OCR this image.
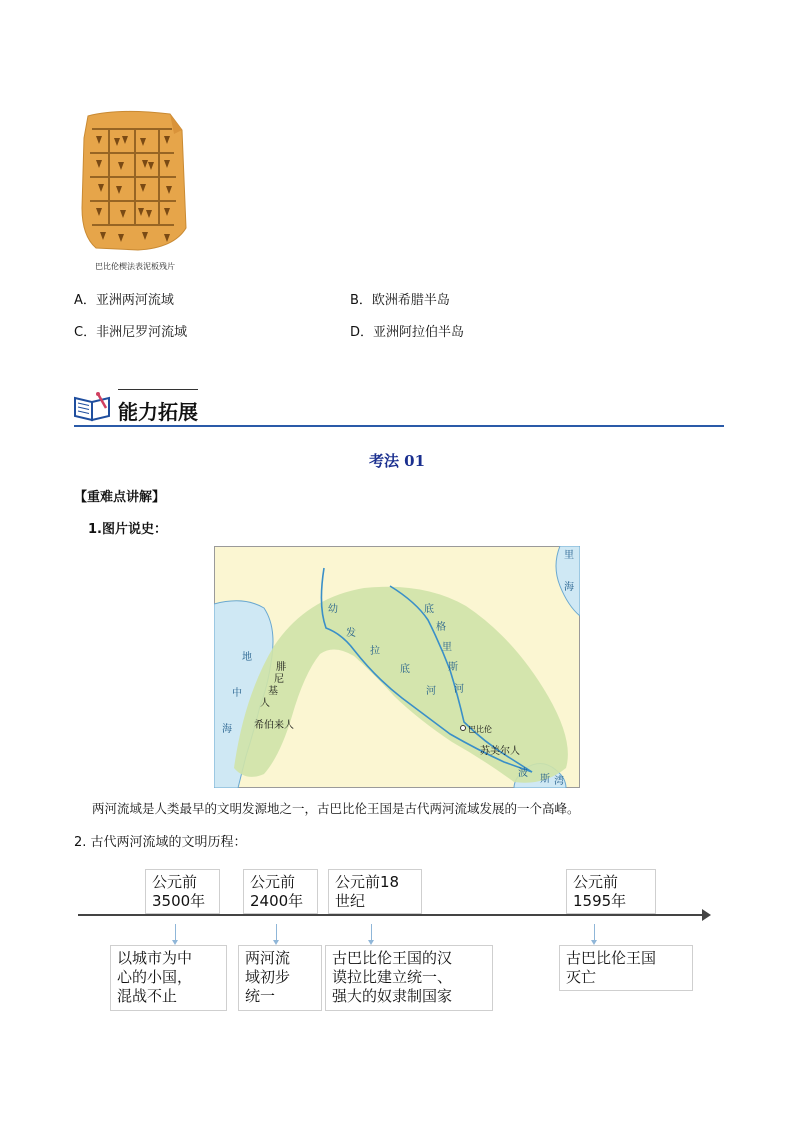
巴比伦楔法表泥板残片
A．亚洲两河流域	B．欧洲希腊半岛
C．非洲尼罗河流域	D．亚洲阿拉伯半岛
能力拓展
考法 01
【重难点讲解】
1.图片说史：
里
海
地
中
海
幼
发
拉
底
河
底
格
里
斯
河
波
斯 湾
腓
尼
基
人
希伯来人
苏美尔人
巴比伦
两河流域是人类最早的文明发源地之一，古巴比伦王国是古代两河流域发展的一个高峰。
2. 古代两河流域的文明历程：
公元前
3500年
公元前
2400年
公元前18
世纪
公元前
1595年
以城市为中
心的小国，
混战不止
两河流
域初步
统一
古巴比伦王国的汉
谟拉比建立统一、
强大的奴隶制国家
古巴比伦王国
灭亡
